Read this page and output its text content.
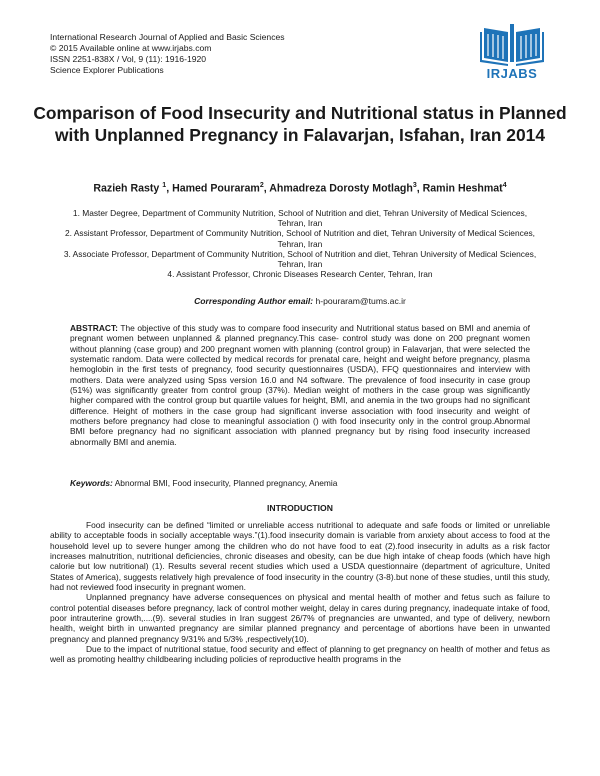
International Research Journal of Applied and Basic Sciences
© 2015 Available online at www.irjabs.com
ISSN 2251-838X / Vol, 9 (11): 1916-1920
Science Explorer Publications	IRJABS
Comparison of Food Insecurity and Nutritional status in Planned with Unplanned Pregnancy in Falavarjan, Isfahan, Iran 2014
Razieh Rasty $^1$, Hamed Pouraram$^2$, Ahmadreza Dorosty Motlagh$^3$, Ramin Heshmat$^4$
1. Master Degree, Department of Community Nutrition, School of Nutrition and diet, Tehran University of Medical Sciences, Tehran, Iran
2. Assistant Professor, Department of Community Nutrition, School of Nutrition and diet, Tehran University of Medical Sciences, Tehran, Iran
3. Associate Professor, Department of Community Nutrition, School of Nutrition and diet, Tehran University of Medical Sciences, Tehran, Iran
4. Assistant Professor, Chronic Diseases Research Center, Tehran, Iran
Corresponding Author email: h-pouraram@tums.ac.ir
ABSTRACT: The objective of this study was to compare food insecurity and Nutritional status based on BMI and anemia of pregnant women between unplanned & planned pregnancy.This case- control study was done on 200 pregnant women without planning (case group) and 200 pregnant women with planning (control group) in Falavarjan, that were selected the systematic random. Data were collected by medical records for prenatal care, height and weight before pregnancy, plasma hemoglobin in the first tests of pregnancy, food security questionnaires (USDA), FFQ questionnaires and interview with mothers. Data were analyzed using Spss version 16.0 and N4 software. The prevalence of food insecurity in case group (51%) was significantly greater from control group (37%). Median weight of mothers in the case group was significantly higher compared with the control group but quartile values for height, BMI, and anemia in the two groups had no significant difference. Height of mothers in the case group had significant inverse association with food insecurity and weight of mothers before pregnancy had close to meaningful association () with food insecurity only in the control group.Abnormal BMI before pregnancy had no significant association with planned pregnancy but by rising food insecurity increased abnormally BMI and anemia.
Keywords: Abnormal BMI, Food insecurity, Planned pregnancy, Anemia
INTRODUCTION

Food insecurity can be defined “limited or unreliable access nutritional to adequate and safe foods or limited or unreliable ability to acceptable foods in socially acceptable ways.”(1).food insecurity domain is variable from anxiety about access to food at the household level up to severe hunger among the children who do not have food to eat (2).food insecurity in adults as a risk factor increases malnutrition, nutritional deficiencies, chronic diseases and obesity, can be due high intake of cheap foods (which have high calorie but low nutritional) (1). Results several recent studies which used a USDA questionnaire (department of agriculture, United States of America), suggests relatively high prevalence of food insecurity in the country (3-8).but none of these studies, until this study, had not reviewed food insecurity in pregnant women.

Unplanned pregnancy have adverse consequences on physical and mental health of mother and fetus such as failure to control potential diseases before pregnancy, lack of control mother weight, delay in cares during pregnancy, inadequate intake of food, poor intrauterine growth,....(9). several studies in Iran suggest 26/7% of pregnancies are unwanted, and type of delivery, newborn health, weight birth in unwanted pregnancy are similar planned pregnancy and percentage of abortions have been in unwanted pregnancy and planned pregnancy 9/31% and 5/3% ,respectively(10).

Due to the impact of nutritional statue, food security and effect of planning to get pregnancy on health of mother and fetus as well as promoting healthy childbearing including policies of reproductive health programs in the
